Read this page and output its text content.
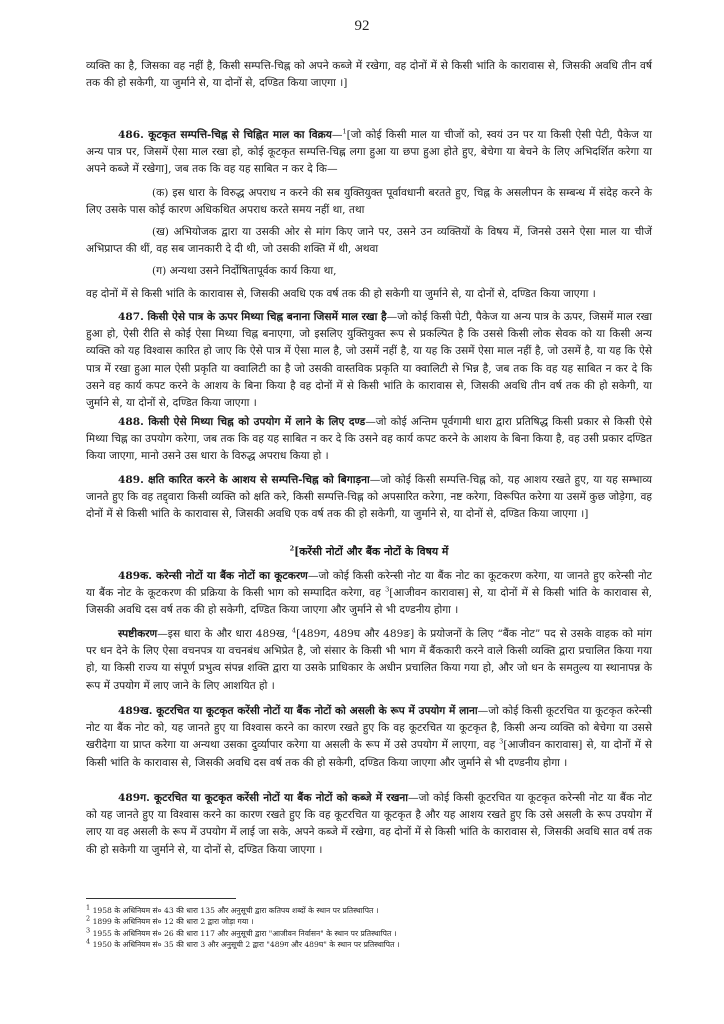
92

व्यक्ति का है, जिसका वह नहीं है, किसी सम्पत्ति-चिह्न को अपने कब्जे में रखेगा, वह दोनों में से किसी भांति के कारावास से, जिसकी अवधि तीन वर्ष तक की हो सकेगी, या जुर्माने से, या दोनों से, दण्डित किया जाएगा ।]

486. कूटकृत सम्पत्ति-चिह्न से चिह्नित माल का विक्रय—$^1$[जो कोई किसी माल या चीजों को, स्वयं उन पर या किसी ऐसी पेटी, पैकेज या अन्य पात्र पर, जिसमें ऐसा माल रखा हो, कोई कूटकृत सम्पत्ति-चिह्न लगा हुआ या छपा हुआ होते हुए, बेचेगा या बेचने के लिए अभिदर्शित करेगा या अपने कब्जे में रखेगा], जब तक कि वह यह साबित न कर दे कि—

(क) इस धारा के विरुद्ध अपराध न करने की सब युक्तियुक्त पूर्वावधानी बरतते हुए, चिह्न के असलीपन के सम्बन्ध में संदेह करने के लिए उसके पास कोई कारण अधिकथित अपराध करते समय नहीं था, तथा

(ख) अभियोजक द्वारा या उसकी ओर से मांग किए जाने पर, उसने उन व्यक्तियों के विषय में, जिनसे उसने ऐसा माल या चीजें अभिप्राप्त की थीं, वह सब जानकारी दे दी थी, जो उसकी शक्ति में थी, अथवा

(ग) अन्यथा उसने निर्दोषितापूर्वक कार्य किया था,

वह दोनों में से किसी भांति के कारावास से, जिसकी अवधि एक वर्ष तक की हो सकेगी या जुर्माने से, या दोनों से, दण्डित किया जाएगा ।

487. किसी ऐसे पात्र के ऊपर मिथ्या चिह्न बनाना जिसमें माल रखा है—जो कोई किसी पेटी, पैकेज या अन्य पात्र के ऊपर, जिसमें माल रखा हुआ हो, ऐसी रीति से कोई ऐसा मिथ्या चिह्न बनाएगा, जो इसलिए युक्तियुक्त रूप से प्रकल्पित है कि उससे किसी लोक सेवक को या किसी अन्य व्यक्ति को यह विश्वास कारित हो जाए कि ऐसे पात्र में ऐसा माल है, जो उसमें नहीं है, या यह कि उसमें ऐसा माल नहीं है, जो उसमें है, या यह कि ऐसे पात्र में रखा हुआ माल ऐसी प्रकृति या क्वालिटी का है जो उसकी वास्तविक प्रकृति या क्वालिटी से भिन्न है, जब तक कि वह यह साबित न कर दे कि उसने वह कार्य कपट करने के आशय के बिना किया है वह दोनों में से किसी भांति के कारावास से, जिसकी अवधि तीन वर्ष तक की हो सकेगी, या जुर्माने से, या दोनों से, दण्डित किया जाएगा ।

488. किसी ऐसे मिथ्या चिह्न को उपयोग में लाने के लिए दण्ड—जो कोई अन्तिम पूर्वगामी धारा द्वारा प्रतिषिद्ध किसी प्रकार से किसी ऐसे मिथ्या चिह्न का उपयोग करेगा, जब तक कि वह यह साबित न कर दे कि उसने वह कार्य कपट करने के आशय के बिना किया है, वह उसी प्रकार दण्डित किया जाएगा, मानो उसने उस धारा के विरुद्ध अपराध किया हो ।

489. क्षति कारित करने के आशय से सम्पत्ति-चिह्न को बिगाड़ना—जो कोई किसी सम्पत्ति-चिह्न को, यह आशय रखते हुए, या यह सम्भाव्य जानते हुए कि वह तद्द्वारा किसी व्यक्ति को क्षति करे, किसी सम्पत्ति-चिह्न को अपसारित करेगा, नष्ट करेगा, विरूपित करेगा या उसमें कुछ जोड़ेगा, वह दोनों में से किसी भांति के कारावास से, जिसकी अवधि एक वर्ष तक की हो सकेगी, या जुर्माने से, या दोनों से, दण्डित किया जाएगा ।]

$^2$[करेंसी नोटों और बैंक नोटों के विषय में

489क. करेन्सी नोटों या बैंक नोटों का कूटकरण—जो कोई किसी करेन्सी नोट या बैंक नोट का कूटकरण करेगा, या जानते हुए करेन्सी नोट या बैंक नोट के कूटकरण की प्रक्रिया के किसी भाग को सम्पादित करेगा, वह $^3$[आजीवन कारावास] से, या दोनों में से किसी भांति के कारावास से, जिसकी अवधि दस वर्ष तक की हो सकेगी, दण्डित किया जाएगा और जुर्माने से भी दण्डनीय होगा ।

स्पष्टीकरण—इस धारा के और धारा 489ख, $^4$[489ग, 489घ और 489ङ] के प्रयोजनों के लिए “बैंक नोट” पद से उसके वाहक को मांग पर धन देने के लिए ऐसा वचनपत्र या वचनबंध अभिप्रेत है, जो संसार के किसी भी भाग में बैंककारी करने वाले किसी व्यक्ति द्वारा प्रचालित किया गया हो, या किसी राज्य या संपूर्ण प्रभुत्व संपन्न शक्ति द्वारा या उसके प्राधिकार के अधीन प्रचालित किया गया हो, और जो धन के समतुल्य या स्थानापन्न के रूप में उपयोग में लाए जाने के लिए आशयित हो ।

489ख. कूटरचित या कूटकृत करेंसी नोटों या बैंक नोटों को असली के रूप में उपयोग में लाना—जो कोई किसी कूटरचित या कूटकृत करेन्सी नोट या बैंक नोट को, यह जानते हुए या विश्वास करने का कारण रखते हुए कि वह कूटरचित या कूटकृत है, किसी अन्य व्यक्ति को बेचेगा या उससे खरीदेगा या प्राप्त करेगा या अन्यथा उसका दुर्व्यापार करेगा या असली के रूप में उसे उपयोग में लाएगा, वह $^3$[आजीवन कारावास] से, या दोनों में से किसी भांति के कारावास से, जिसकी अवधि दस वर्ष तक की हो सकेगी, दण्डित किया जाएगा और जुर्माने से भी दण्डनीय होगा ।

489ग. कूटरचित या कूटकृत करेंसी नोटों या बैंक नोटों को कब्जे में रखना—जो कोई किसी कूटरचित या कूटकृत करेन्सी नोट या बैंक नोट को यह जानते हुए या विश्वास करने का कारण रखते हुए कि वह कूटरचित या कूटकृत है और यह आशय रखते हुए कि उसे असली के रूप उपयोग में लाए या वह असली के रूप में उपयोग में लाई जा सके, अपने कब्जे में रखेगा, वह दोनों में से किसी भांति के कारावास से, जिसकी अवधि सात वर्ष तक की हो सकेगी या जुर्माने से, या दोनों से, दण्डित किया जाएगा ।

$^1$ 1958 के अधिनियम सं० 43 की धारा 135 और अनुसूची द्वारा कतिपय शब्दों के स्थान पर प्रतिस्थापित ।
$^2$ 1899 के अधिनियम सं० 12 की धारा 2 द्वारा जोड़ा गया ।
$^3$ 1955 के अधिनियम सं० 26 की धारा 117 और अनुसूची द्वारा "आजीवन निर्वासन" के स्थान पर प्रतिस्थापित ।
$^4$ 1950 के अधिनियम सं० 35 की धारा 3 और अनुसूची 2 द्वारा "489ग और 489घ" के स्थान पर प्रतिस्थापित ।
